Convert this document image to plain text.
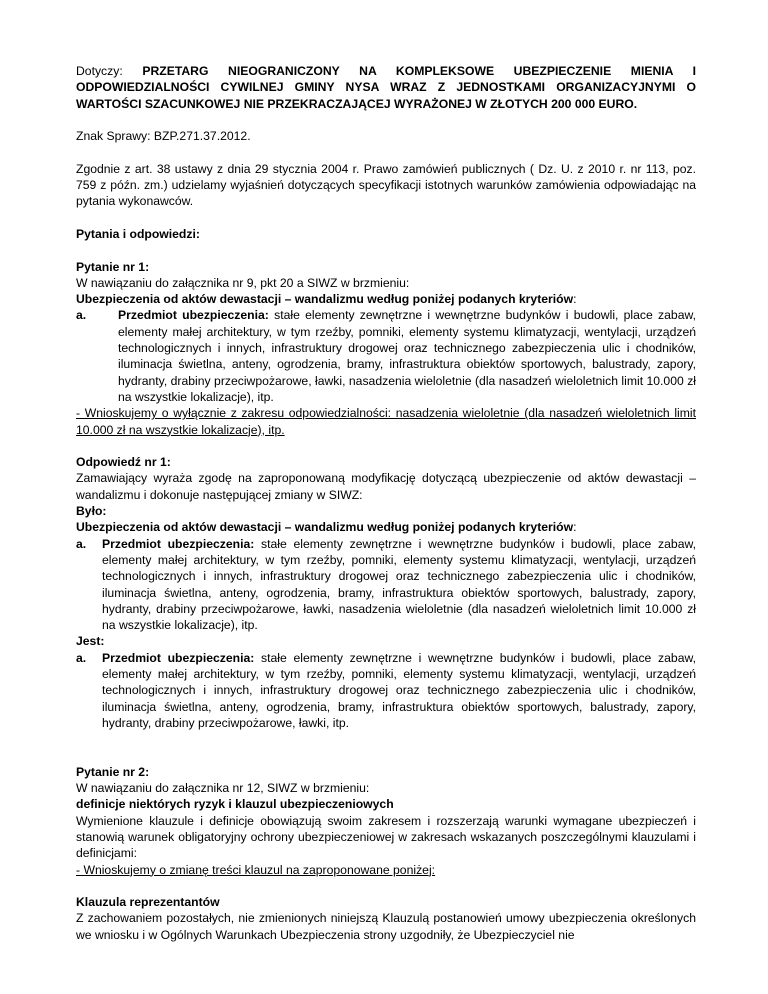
Dotyczy: PRZETARG NIEOGRANICZONY NA KOMPLEKSOWE UBEZPIECZENIE MIENIA I ODPOWIEDZIALNOŚCI CYWILNEJ GMINY NYSA WRAZ Z JEDNOSTKAMI ORGANIZACYJNYMI O WARTOŚCI SZACUNKOWEJ NIE PRZEKRACZAJĄCEJ WYRAŻONEJ W ZŁOTYCH 200 000 EURO.

Znak Sprawy: BZP.271.37.2012.

Zgodnie z art. 38 ustawy z dnia 29 stycznia 2004 r. Prawo zamówień publicznych ( Dz. U. z 2010 r. nr 113, poz. 759 z późn. zm.) udzielamy wyjaśnień dotyczących specyfikacji istotnych warunków zamówienia odpowiadając na pytania wykonawców.

Pytania i odpowiedzi:

Pytanie nr 1:

W nawiązaniu do załącznika nr 9, pkt 20 a SIWZ w brzmieniu:

Ubezpieczenia od aktów dewastacji – wandalizmu według poniżej podanych kryteriów:

a.	Przedmiot ubezpieczenia: stałe elementy zewnętrzne i wewnętrzne budynków i budowli, place zabaw, elementy małej architektury, w tym rzeźby, pomniki, elementy systemu klimatyzacji, wentylacji, urządzeń technologicznych i innych, infrastruktury drogowej oraz technicznego zabezpieczenia ulic i chodników, iluminacja świetlna, anteny, ogrodzenia, bramy, infrastruktura obiektów sportowych, balustrady, zapory, hydranty, drabiny przeciwpożarowe, ławki, nasadzenia wieloletnie (dla nasadzeń wieloletnich limit 10.000 zł na wszystkie lokalizacje), itp.

- Wnioskujemy o wyłącznie z zakresu odpowiedzialności: nasadzenia wieloletnie (dla nasadzeń wieloletnich limit 10.000 zł na wszystkie lokalizacje), itp.

Odpowiedź nr 1:

Zamawiający wyraża zgodę na zaproponowaną modyfikację dotyczącą ubezpieczenie od aktów dewastacji – wandalizmu i dokonuje następującej zmiany w SIWZ:

Było:

Ubezpieczenia od aktów dewastacji – wandalizmu według poniżej podanych kryteriów:

a.	Przedmiot ubezpieczenia: stałe elementy zewnętrzne i wewnętrzne budynków i budowli, place zabaw, elementy małej architektury, w tym rzeźby, pomniki, elementy systemu klimatyzacji, wentylacji, urządzeń technologicznych i innych, infrastruktury drogowej oraz technicznego zabezpieczenia ulic i chodników, iluminacja świetlna, anteny, ogrodzenia, bramy, infrastruktura obiektów sportowych, balustrady, zapory, hydranty, drabiny przeciwpożarowe, ławki, nasadzenia wieloletnie (dla nasadzeń wieloletnich limit 10.000 zł na wszystkie lokalizacje), itp.

Jest:

a.	Przedmiot ubezpieczenia: stałe elementy zewnętrzne i wewnętrzne budynków i budowli, place zabaw, elementy małej architektury, w tym rzeźby, pomniki, elementy systemu klimatyzacji, wentylacji, urządzeń technologicznych i innych, infrastruktury drogowej oraz technicznego zabezpieczenia ulic i chodników, iluminacja świetlna, anteny, ogrodzenia, bramy, infrastruktura obiektów sportowych, balustrady, zapory, hydranty, drabiny przeciwpożarowe, ławki, itp.

Pytanie nr 2:

W nawiązaniu do załącznika nr 12, SIWZ w brzmieniu:

definicje niektórych ryzyk i klauzul ubezpieczeniowych

Wymienione klauzule i definicje obowiązują swoim zakresem i rozszerzają warunki wymagane ubezpieczeń i stanowią warunek obligatoryjny ochrony ubezpieczeniowej w zakresach wskazanych poszczególnymi klauzulami i definicjami:

- Wnioskujemy o zmianę treści klauzul na zaproponowane poniżej:

Klauzula reprezentantów

Z zachowaniem pozostałych, nie zmienionych niniejszą Klauzulą postanowień umowy ubezpieczenia określonych we wniosku i w Ogólnych Warunkach Ubezpieczenia strony uzgodniły, że Ubezpieczyciel nie
